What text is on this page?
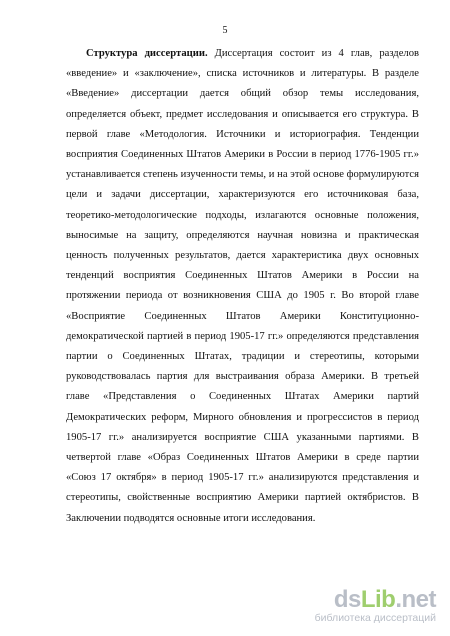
5

Структура диссертации. Диссертация состоит из 4 глав, разделов «введение» и «заключение», списка источников и литературы. В разделе «Введение» диссертации дается общий обзор темы исследования, определяется объект, предмет исследования и описывается его структура. В первой главе «Методология. Источники и историография. Тенденции восприятия Соединенных Штатов Америки в России в период 1776-1905 гг.» устанавливается степень изученности темы, и на этой основе формулируются цели и задачи диссертации, характеризуются его источниковая база, теоретико-методологические подходы, излагаются основные положения, выносимые на защиту, определяются научная новизна и практическая ценность полученных результатов, дается характеристика двух основных тенденций восприятия Соединенных Штатов Америки в России на протяжении периода от возникновения США до 1905 г. Во второй главе «Восприятие Соединенных Штатов Америки Конституционно-демократической партией в период 1905-17 гг.» определяются представления партии о Соединенных Штатах, традиции и стереотипы, которыми руководствовалась партия для выстраивания образа Америки. В третьей главе «Представления о Соединенных Штатах Америки партий Демократических реформ, Мирного обновления и прогрессистов в период 1905-17 гг.» анализируется восприятие США указанными партиями. В четвертой главе «Образ Соединенных Штатов Америки в среде партии «Союз 17 октября» в период 1905-17 гг.» анализируются представления и стереотипы, свойственные восприятию Америки партией октябристов. В Заключении подводятся основные итоги исследования.

dsLib.net
библиотека диссертаций
